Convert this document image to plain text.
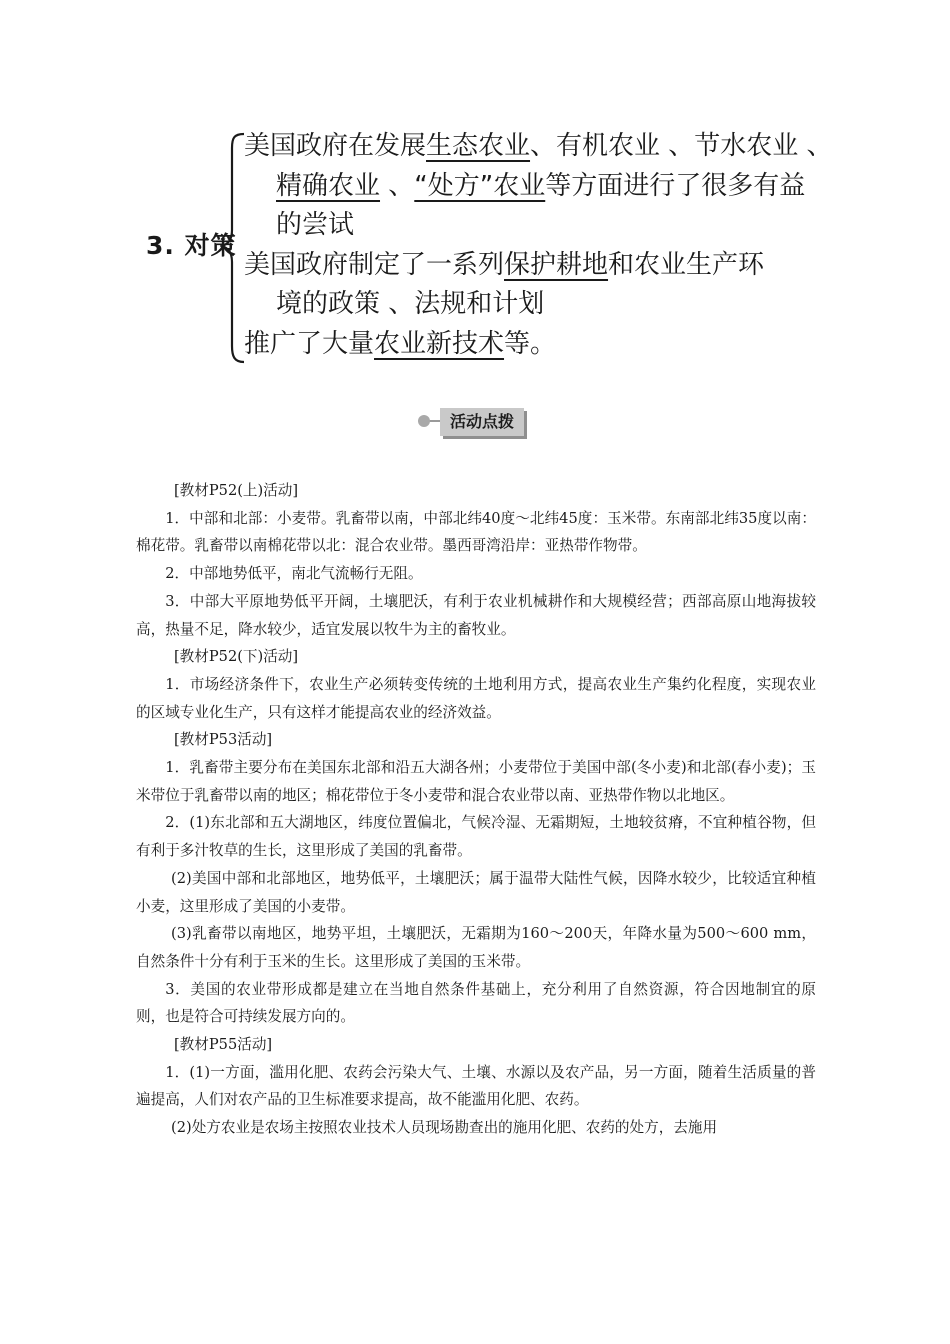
3. 对策
美国政府在发展生态农业、有机农业 、节水农业 、
精确农业 、“处方”农业等方面进行了很多有益
的尝试
美国政府制定了一系列保护耕地和农业生产环
境的政策 、法规和计划
推广了大量农业新技术等。
活动点拨

[教材P52(上)活动]

1．中部和北部：小麦带。乳畜带以南，中部北纬40度～北纬45度：玉米带。东南部北纬35度以南：棉花带。乳畜带以南棉花带以北：混合农业带。墨西哥湾沿岸：亚热带作物带。

2．中部地势低平，南北气流畅行无阻。

3．中部大平原地势低平开阔，土壤肥沃，有利于农业机械耕作和大规模经营；西部高原山地海拔较高，热量不足，降水较少，适宜发展以牧牛为主的畜牧业。

[教材P52(下)活动]

1．市场经济条件下，农业生产必须转变传统的土地利用方式，提高农业生产集约化程度，实现农业的区域专业化生产，只有这样才能提高农业的经济效益。

[教材P53活动]

1．乳畜带主要分布在美国东北部和沿五大湖各州；小麦带位于美国中部(冬小麦)和北部(春小麦)；玉米带位于乳畜带以南的地区；棉花带位于冬小麦带和混合农业带以南、亚热带作物以北地区。

2．(1)东北部和五大湖地区，纬度位置偏北，气候冷湿、无霜期短，土地较贫瘠，不宜种植谷物，但有利于多汁牧草的生长，这里形成了美国的乳畜带。

(2)美国中部和北部地区，地势低平，土壤肥沃；属于温带大陆性气候，因降水较少，比较适宜种植小麦，这里形成了美国的小麦带。

(3)乳畜带以南地区，地势平坦，土壤肥沃，无霜期为160～200天，年降水量为500～600 mm，自然条件十分有利于玉米的生长。这里形成了美国的玉米带。

3．美国的农业带形成都是建立在当地自然条件基础上，充分利用了自然资源，符合因地制宜的原则，也是符合可持续发展方向的。

[教材P55活动]

1．(1)一方面，滥用化肥、农药会污染大气、土壤、水源以及农产品，另一方面，随着生活质量的普遍提高，人们对农产品的卫生标准要求提高，故不能滥用化肥、农药。

(2)处方农业是农场主按照农业技术人员现场勘查出的施用化肥、农药的处方，去施用
